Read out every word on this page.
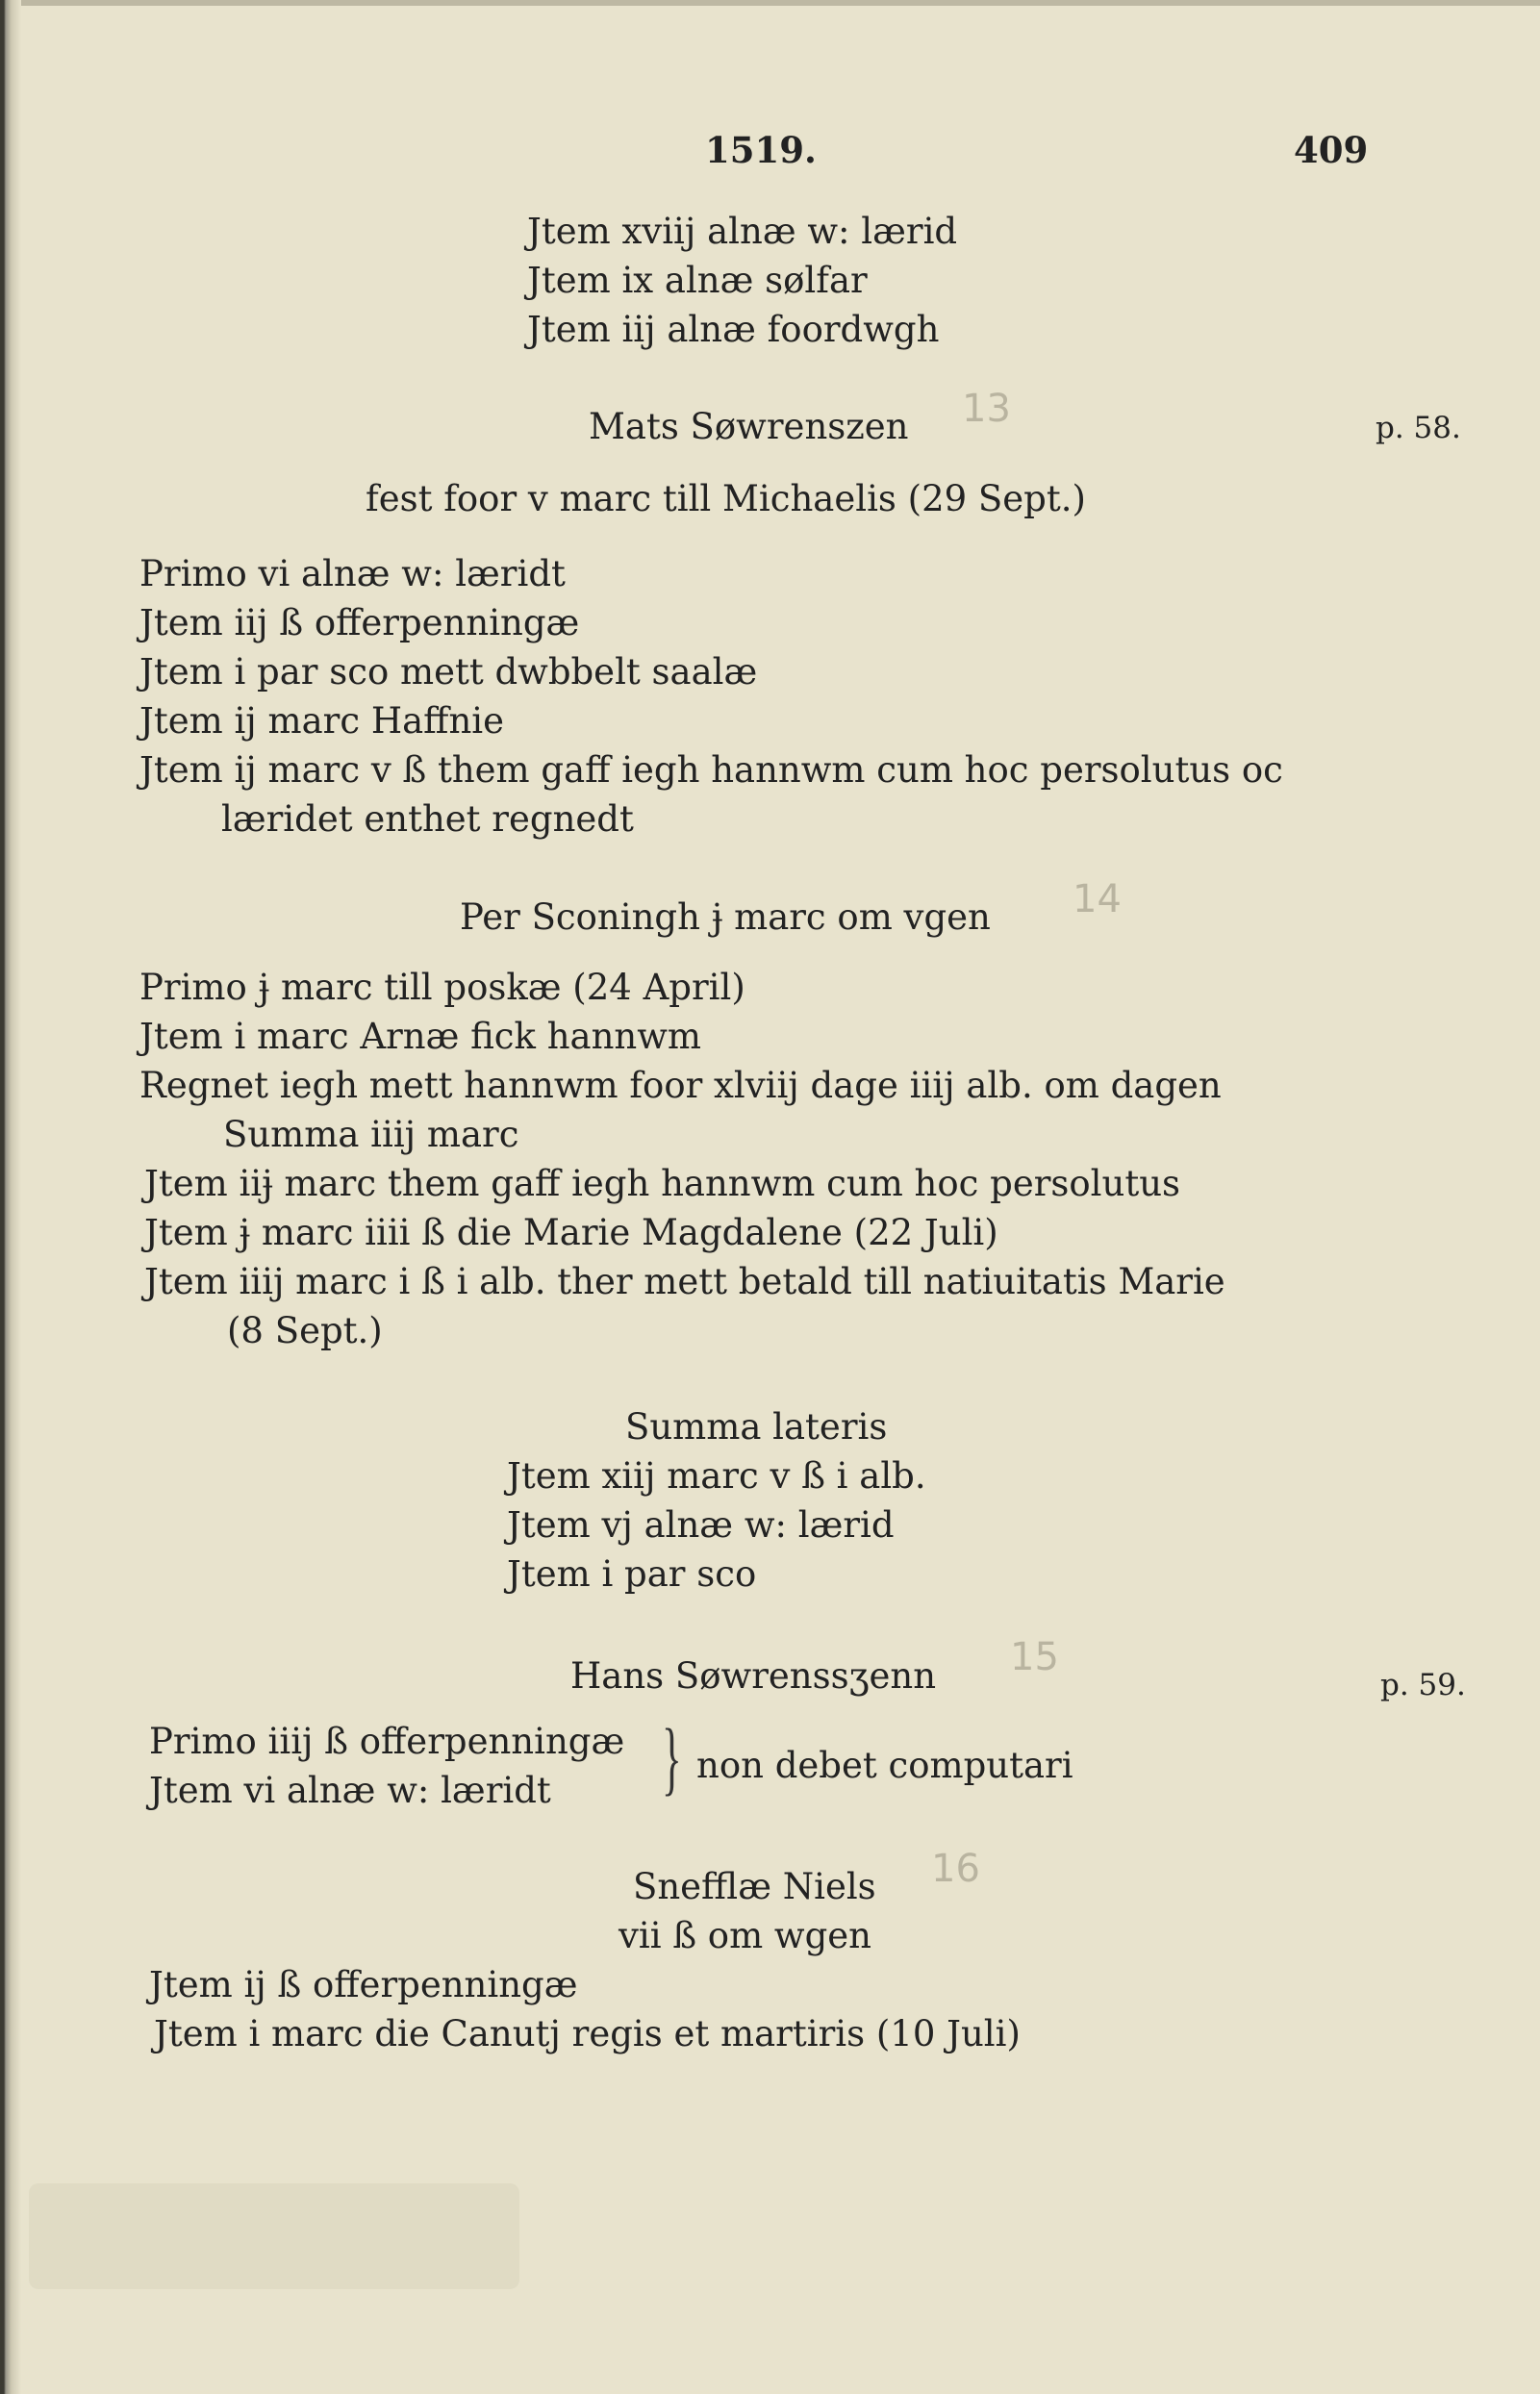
1519.	409
Jtem xviij alnæ w: lærid
Jtem ix alnæ sølfar
Jtem iij alnæ foordwgh
Mats Søwrenszen 13	p. 58.
fest foor v marc till Michaelis (29 Sept.)
Primo vi alnæ w: læridt
Jtem iij ß offerpenningæ
Jtem i par sco mett dwbbelt saalæ
Jtem ij marc Haffnie
Jtem ij marc v ß them gaff iegh hannwm cum hoc persolutus oc
læridet enthet regnedt
Per Sconingh ɉ marc om vgen 14
Primo ɉ marc till poskæ (24 April)
Jtem i marc Arnæ fick hannwm
Regnet iegh mett hannwm foor xlviij dage iiij alb. om dagen
Summa iiij marc
Jtem iiɉ marc them gaff iegh hannwm cum hoc persolutus
Jtem ɉ marc iiii ß die Marie Magdalene (22 Juli)
Jtem iiij marc i ß i alb. ther mett betald till natiuitatis Marie
(8 Sept.)
Summa lateris
Jtem xiij marc v ß i alb.
Jtem vj alnæ w: lærid
Jtem i par sco
Hans Søwrenssʒenn 15
p. 59.
Primo iiij ß offerpenningæ
Jtem vi alnæ w: læridt } non debet computari
Snefflæ Niels 16
vii ß om wgen
Jtem ij ß offerpenningæ
Jtem i marc die Canutj regis et martiris (10 Juli)
